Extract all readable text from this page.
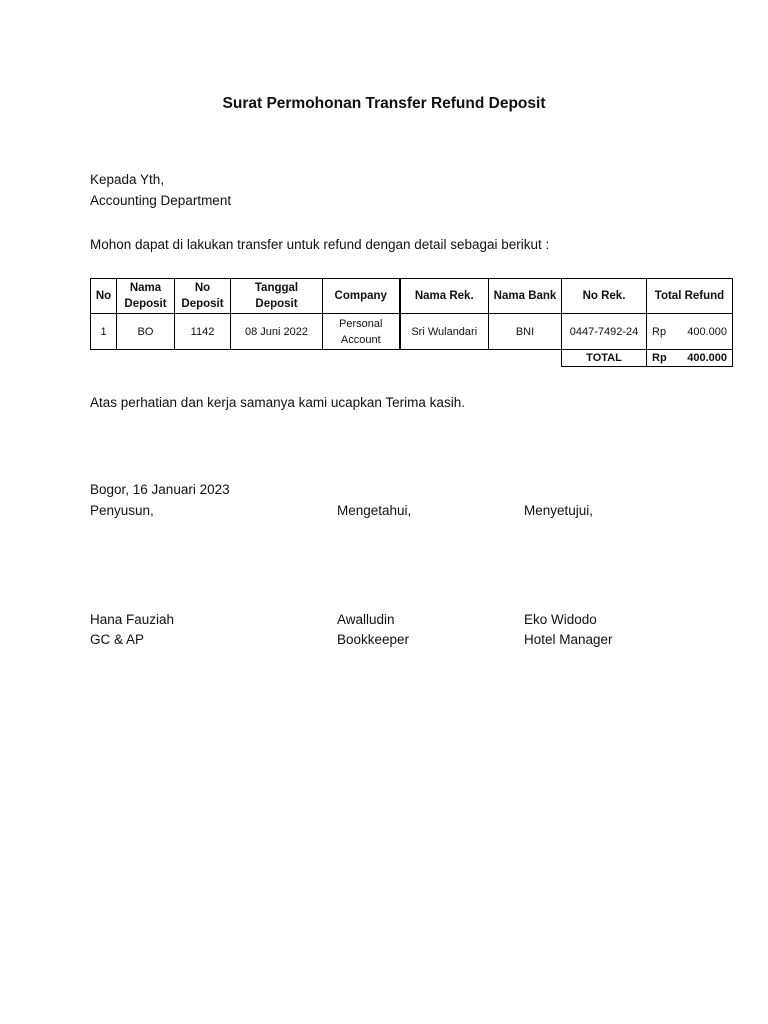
Surat Permohonan Transfer Refund Deposit
Kepada Yth,
Accounting Department
Mohon dapat di lakukan transfer untuk refund dengan detail sebagai berikut :
No	Nama Deposit	No Deposit	Tanggal Deposit	Company	Nama Rek.	Nama Bank	No Rek.	Total Refund
1	BO	1142	08 Juni 2022	Personal Account	Sri Wulandari	BNI	0447-7492-24	Rp 400.000

							TOTAL	Rp 400.000
Atas perhatian dan kerja samanya kami ucapkan Terima kasih.
Bogor, 16 Januari 2023
Penyusun,	Mengetahui,	Menyetujui,
Hana Fauziah	Awalludin	Eko Widodo
GC & AP	Bookkeeper	Hotel Manager
